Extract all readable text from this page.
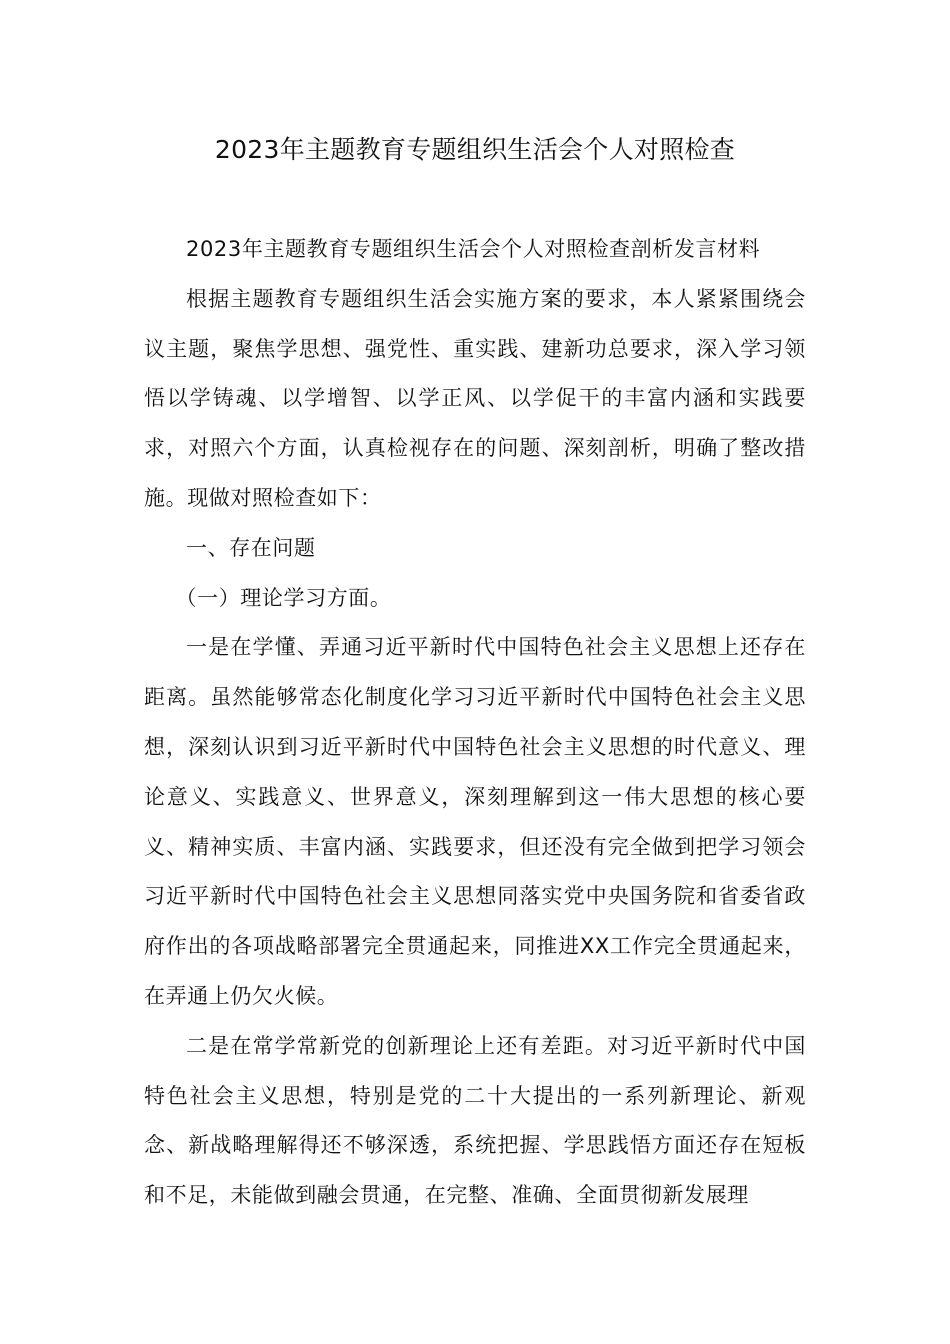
2023年主题教育专题组织生活会个人对照检查

2023年主题教育专题组织生活会个人对照检查剖析发言材料

根据主题教育专题组织生活会实施方案的要求，本人紧紧围绕会议主题，聚焦学思想、强党性、重实践、建新功总要求，深入学习领悟以学铸魂、以学增智、以学正风、以学促干的丰富内涵和实践要求，对照六个方面，认真检视存在的问题、深刻剖析，明确了整改措施。现做对照检查如下：

一、存在问题

（一）理论学习方面。

一是在学懂、弄通习近平新时代中国特色社会主义思想上还存在距离。虽然能够常态化制度化学习习近平新时代中国特色社会主义思想，深刻认识到习近平新时代中国特色社会主义思想的时代意义、理论意义、实践意义、世界意义，深刻理解到这一伟大思想的核心要义、精神实质、丰富内涵、实践要求，但还没有完全做到把学习领会习近平新时代中国特色社会主义思想同落实党中央国务院和省委省政府作出的各项战略部署完全贯通起来，同推进XX工作完全贯通起来，在弄通上仍欠火候。

二是在常学常新党的创新理论上还有差距。对习近平新时代中国特色社会主义思想，特别是党的二十大提出的一系列新理论、新观念、新战略理解得还不够深透，系统把握、学思践悟方面还存在短板和不足，未能做到融会贯通，在完整、准确、全面贯彻新发展理
